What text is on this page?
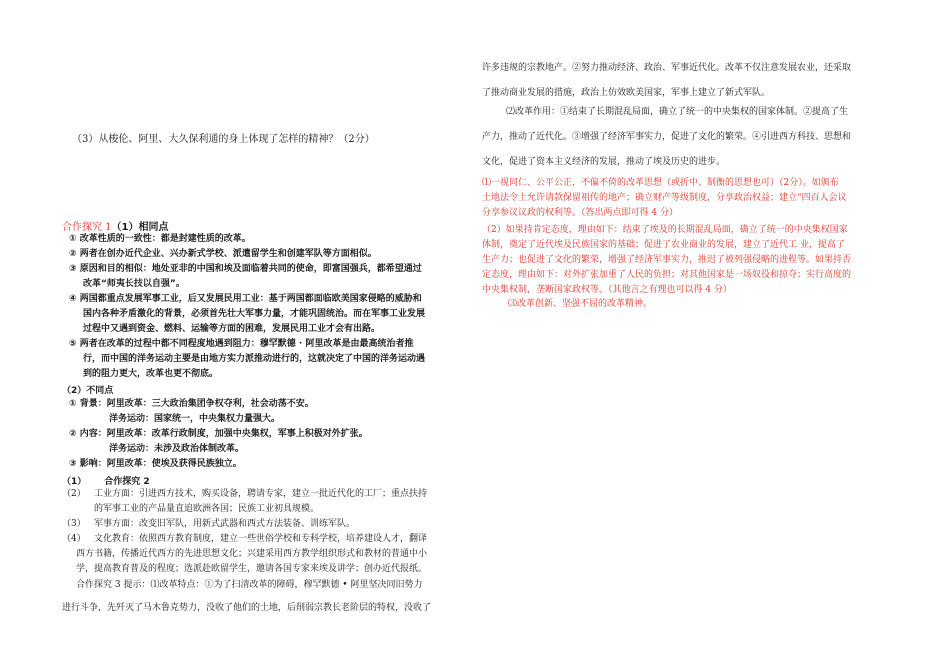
（3）从梭伦、阿里、大久保利通的身上体现了怎样的精神？（2分）
合作探究 1（1）相同点
① 改革性质的一致性：都是封建性质的改革。
② 两者在创办近代企业、兴办新式学校、派遣留学生和创建军队等方面相似。
③ 原因和目的相似：地处亚非的中国和埃及面临着共同的使命，即富国强兵，都希望通过
改革“师夷长技以自强”。
④ 两国都重点发展军事工业，后又发展民用工业：基于两国都面临欧美国家侵略的威胁和
国内各种矛盾激化的背景，必须首先壮大军事力量，才能巩固统治。而在军事工业发展
过程中又遇到资金、燃料、运输等方面的困难，发展民用工业才会有出路。
⑤ 两者在改革的过程中都不同程度地遇到阻力：穆罕默德 · 阿里改革是由最高统治者推
行，而中国的洋务运动主要是由地方实力派推动进行的，这就决定了中国的洋务运动遇
到的阻力更大，改革也更不彻底。
（2）不同点
① 背景：阿里改革：三大政治集团争权夺利，社会动荡不安。
洋务运动：国家统一，中央集权力量强大。
② 内容：阿里改革：改革行政制度，加强中央集权，军事上积极对外扩张。
洋务运动：未涉及政治体制改革。
③ 影响：阿里改革：使埃及获得民族独立。
（1） 合作探究 2
（2） 工业方面：引进西方技术，购买设备，聘请专家，建立一批近代化的工厂；重点扶持
的军事工业的产品量直追欧洲各国；民族工业初具规模。
（3） 军事方面：改变旧军队，用新式武器和西式方法装备、训练军队。
（4） 文化教育：依照西方教育制度，建立一些世俗学校和专科学校，培养建设人才，翻译
西方书籍，传播近代西方的先进思想文化；兴建采用西方教学组织形式和教材的普通中小
学，提高教育普及的程度；选派赴欧留学生，邀请各国专家来埃及讲学；创办近代报纸。
合作探究 3 提示：⑴改革特点：①为了扫清改革的障碍，穆罕默德 • 阿里坚决同旧势力
进行斗争，先歼灭了马木鲁克势力，没收了他们的土地，后削弱宗教长老阶层的特权，没收了
许多违规的宗教地产。②努力推动经济、政治、军事近代化。改革不仅注意发展农业，还采取
了推动商业发展的措施，政治上仿效欧美国家，军事上建立了新式军队。
⑵改革作用：①结束了长期混乱局面，确立了统一的中央集权的国家体制。②提高了生
产力，推动了近代化。③增强了经济军事实力，促进了文化的繁荣。④引进西方科技、思想和
文化，促进了资本主义经济的发展，推动了埃及历史的进步。
⑴一视同仁、公平公正，不偏不倚的改革思想（或折中、制衡的思想也可）（2分）。如颁布
土地法令上允许请款保留祖传的地产；确立财产等级制度，分享政治权益；建立“四百人会议
分享参议议政的权利等。（答出两点即可得 4 分）
（2）如果持肯定态度，理由如下：结束了埃及的长期混乱局面，确立了统一的中央集权国家
体制，奠定了近代埃及民族国家的基础；促进了农业商业的发展，建立了近代工 业，提高了
生产力；也促进了文化的繁荣，增强了经济军事实力，推迟了被列强侵略的进程等。如果持否
定态度，理由如下：对外扩张加重了人民的负担；对其他国家是一场奴役和掠夺；实行高度的
中央集权制，垄断国家政权等。（其他言之有理也可以得 4 分）
⑶改革创新、坚强不屈的改革精神。
